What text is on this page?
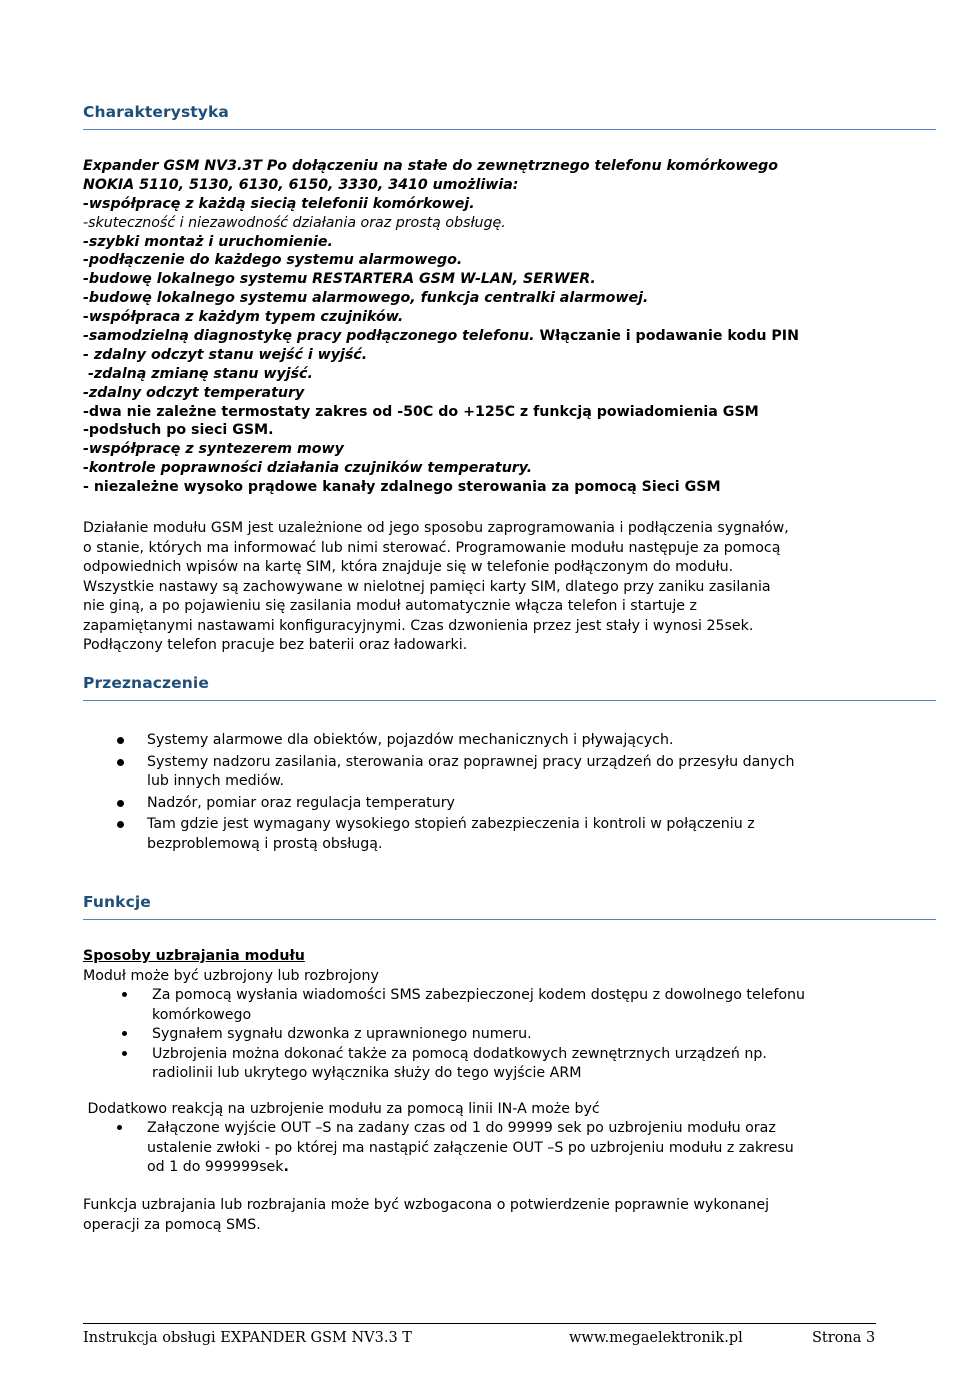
Charakterystyka
Expander GSM NV3.3T Po dołączeniu na stałe do zewnętrznego telefonu komórkowego
NOKIA 5110, 5130, 6130, 6150, 3330, 3410 umożliwia:
-współpracę z każdą siecią telefonii komórkowej.
-skuteczność i niezawodność działania oraz prostą obsługę.
-szybki montaż i uruchomienie.
-podłączenie do każdego systemu alarmowego.
-budowę lokalnego systemu RESTARTERA GSM W-LAN, SERWER.
-budowę lokalnego systemu alarmowego, funkcja centralki alarmowej.
-współpraca z każdym typem czujników.
-samodzielną diagnostykę pracy podłączonego telefonu. Włączanie i podawanie kodu PIN
- zdalny odczyt stanu wejść i wyjść.
-zdalną zmianę stanu wyjść.
-zdalny odczyt temperatury
-dwa nie zależne termostaty zakres od -50C do +125C z funkcją powiadomienia GSM
-podsłuch po sieci GSM.
-współpracę z syntezerem mowy
-kontrole poprawności działania czujników temperatury.
- niezależne wysoko prądowe kanały zdalnego sterowania za pomocą Sieci GSM
Działanie modułu GSM jest uzależnione od jego sposobu zaprogramowania i podłączenia sygnałów,
o stanie, których ma informować lub nimi sterować. Programowanie modułu następuje za pomocą
odpowiednich wpisów na kartę SIM, która znajduje się w telefonie podłączonym do modułu.
Wszystkie nastawy są zachowywane w nielotnej pamięci karty SIM, dlatego przy zaniku zasilania
nie giną, a po pojawieniu się zasilania moduł automatycznie włącza telefon i startuje z
zapamiętanymi nastawami konfiguracyjnymi. Czas dzwonienia przez jest stały i wynosi 25sek.
Podłączony telefon pracuje bez baterii oraz ładowarki.
Przeznaczenie
Systemy alarmowe dla obiektów, pojazdów mechanicznych i pływających.
Systemy nadzoru zasilania, sterowania oraz poprawnej pracy urządzeń do przesyłu danych
lub innych mediów.
Nadzór, pomiar oraz regulacja temperatury
Tam gdzie jest wymagany wysokiego stopień zabezpieczenia i kontroli w połączeniu z
bezproblemową i prostą obsługą.
Funkcje
Sposoby uzbrajania modułu
Moduł może być uzbrojony lub rozbrojony
Za pomocą wysłania wiadomości SMS zabezpieczonej kodem dostępu z dowolnego telefonu
komórkowego
Sygnałem sygnału dzwonka z uprawnionego numeru.
Uzbrojenia można dokonać także za pomocą dodatkowych zewnętrznych urządzeń np.
radiolinii lub ukrytego wyłącznika służy do tego wyjście ARM
Dodatkowo reakcją na uzbrojenie modułu za pomocą linii IN-A może być
Załączone wyjście OUT –S na zadany czas od 1 do 99999 sek po uzbrojeniu modułu oraz
ustalenie zwłoki - po której ma nastąpić załączenie OUT –S po uzbrojeniu modułu z zakresu
od 1 do 999999sek.
Funkcja uzbrajania lub rozbrajania może być wzbogacona o potwierdzenie poprawnie wykonanej
operacji za pomocą SMS.
Instrukcja obsługi EXPANDER GSM NV3.3 T	www.megaelektronik.pl	Strona 3
